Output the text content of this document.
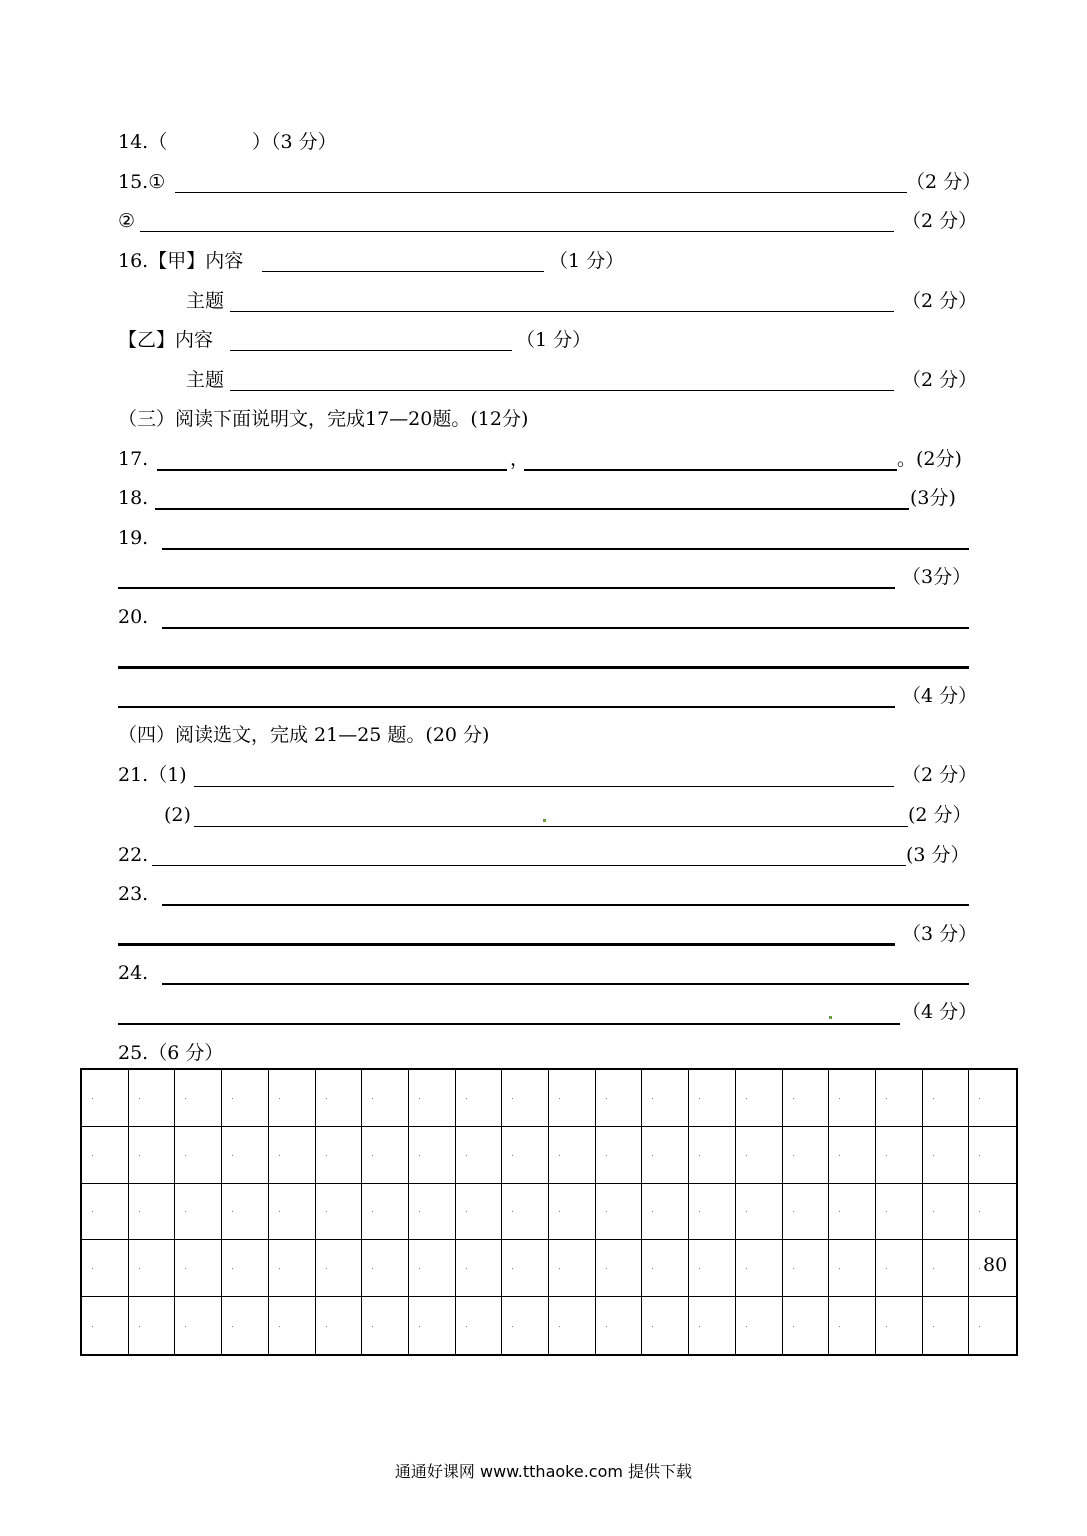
14.（	）（3 分）
15.①	（2 分）
②	（2 分）
16.【甲】内容	（1 分）
主题	（2 分）
【乙】内容	（1 分）
主题	（2 分）
（三）阅读下面说明文，完成17—20题。(12分)
17.	，	。(2分)
18.	(3分)
19.
（3分）
20.
（4 分）
（四）阅读选文，完成 21—25 题。(20 分)
21.（1)	（2 分）
(2)	(2 分）
22.	(3 分）
23.
（3 分）
24.
（4 分）
25.（6 分）
80
通通好课网 www.tthaoke.com 提供下载
